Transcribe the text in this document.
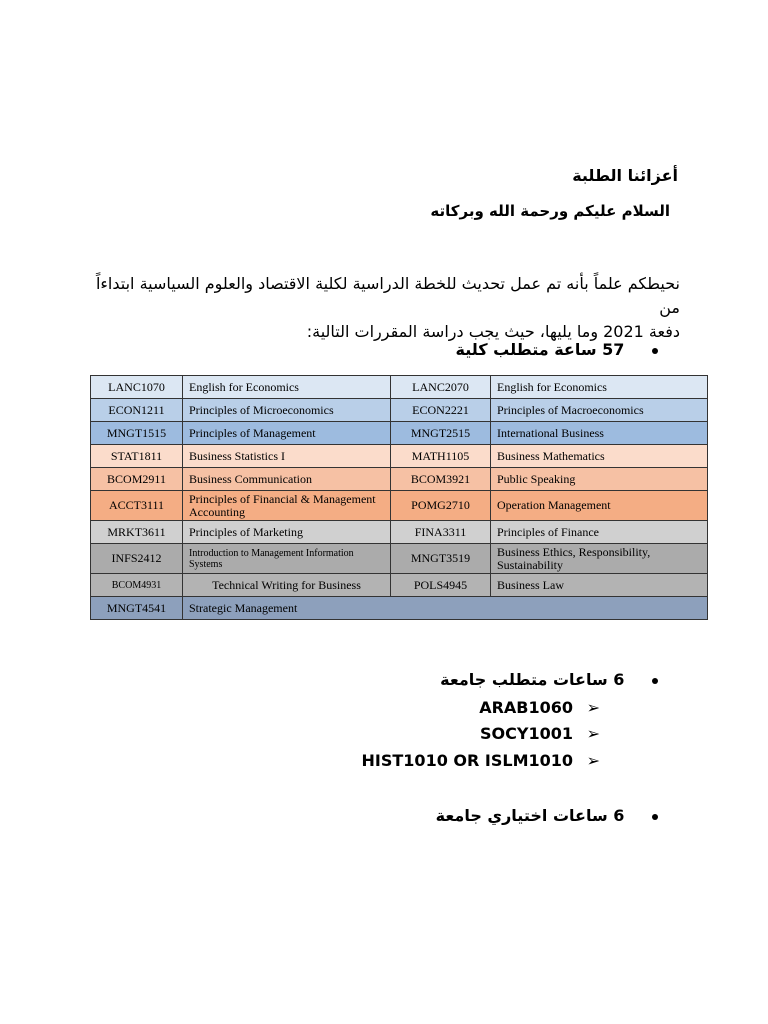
أعزائنا الطلبة
السلام عليكم ورحمة الله وبركاته
نحيطكم علماً بأنه تم عمل تحديث للخطة الدراسية لكلية الاقتصاد والعلوم السياسية ابتداءاً من
دفعة 2021 وما يليها، حيث يجب دراسة المقررات التالية:
57 ساعة متطلب كلية
LANC1070	English for Economics	LANC2070	English for Economics
ECON1211	Principles of Microeconomics	ECON2221	Principles of Macroeconomics
MNGT1515	Principles of Management	MNGT2515	International Business
STAT1811	Business Statistics I	MATH1105	Business Mathematics
BCOM2911	Business Communication	BCOM3921	Public Speaking
ACCT3111	Principles of Financial & Management Accounting	POMG2710	Operation Management
MRKT3611	Principles of Marketing	FINA3311	Principles of Finance
INFS2412	Introduction to Management Information Systems	MNGT3519	Business Ethics, Responsibility, Sustainability
BCOM4931	Technical Writing for Business	POLS4945	Business Law
MNGT4541	Strategic Management		
6 ساعات متطلب جامعة
➢ ARAB1060
➢ SOCY1001
➢ HIST1010 OR ISLM1010
6 ساعات اختياري جامعة
